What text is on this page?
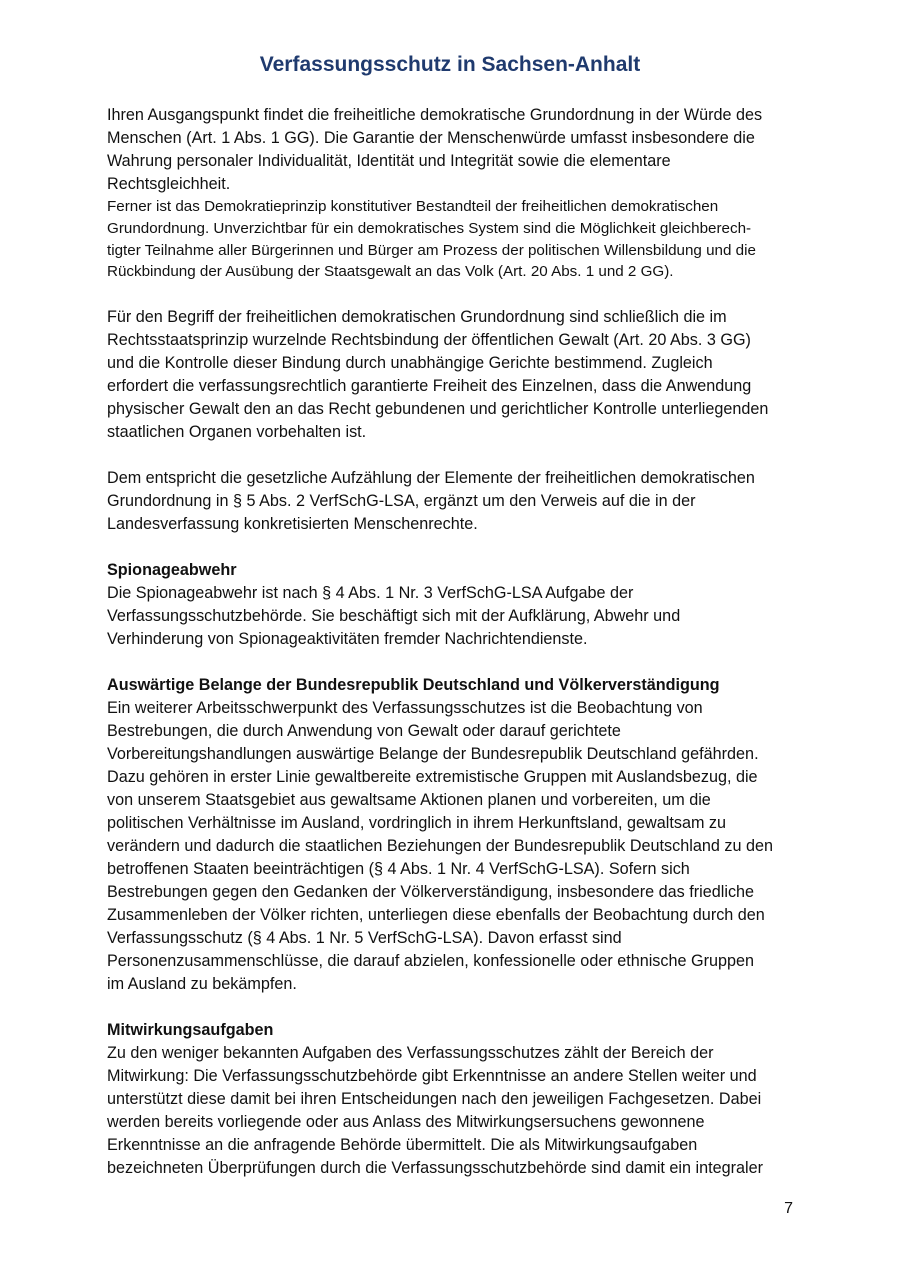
Verfassungsschutz in Sachsen-Anhalt

Ihren Ausgangspunkt findet die freiheitliche demokratische Grundordnung in der Würde des
Menschen (Art. 1 Abs. 1 GG). Die Garantie der Menschenwürde umfasst insbesondere die
Wahrung personaler Individualität, Identität und Integrität sowie die elementare
Rechtsgleichheit.

Ferner ist das Demokratieprinzip konstitutiver Bestandteil der freiheitlichen demokratischen
Grundordnung. Unverzichtbar für ein demokratisches System sind die Möglichkeit gleichberech-
tigter Teilnahme aller Bürgerinnen und Bürger am Prozess der politischen Willensbildung und die
Rückbindung der Ausübung der Staatsgewalt an das Volk (Art. 20 Abs. 1 und 2 GG).

Für den Begriff der freiheitlichen demokratischen Grundordnung sind schließlich die im
Rechtsstaatsprinzip wurzelnde Rechtsbindung der öffentlichen Gewalt (Art. 20 Abs. 3 GG)
und die Kontrolle dieser Bindung durch unabhängige Gerichte bestimmend. Zugleich
erfordert die verfassungsrechtlich garantierte Freiheit des Einzelnen, dass die Anwendung
physischer Gewalt den an das Recht gebundenen und gerichtlicher Kontrolle unterliegenden
staatlichen Organen vorbehalten ist.

Dem entspricht die gesetzliche Aufzählung der Elemente der freiheitlichen demokratischen
Grundordnung in § 5 Abs. 2 VerfSchG-LSA, ergänzt um den Verweis auf die in der
Landesverfassung konkretisierten Menschenrechte.

Spionageabwehr

Die Spionageabwehr ist nach § 4 Abs. 1 Nr. 3 VerfSchG-LSA Aufgabe der
Verfassungsschutzbehörde. Sie beschäftigt sich mit der Aufklärung, Abwehr und
Verhinderung von Spionageaktivitäten fremder Nachrichtendienste.

Auswärtige Belange der Bundesrepublik Deutschland und Völkerverständigung

Ein weiterer Arbeitsschwerpunkt des Verfassungsschutzes ist die Beobachtung von
Bestrebungen, die durch Anwendung von Gewalt oder darauf gerichtete
Vorbereitungshandlungen auswärtige Belange der Bundesrepublik Deutschland gefährden.
Dazu gehören in erster Linie gewaltbereite extremistische Gruppen mit Auslandsbezug, die
von unserem Staatsgebiet aus gewaltsame Aktionen planen und vorbereiten, um die
politischen Verhältnisse im Ausland, vordringlich in ihrem Herkunftsland, gewaltsam zu
verändern und dadurch die staatlichen Beziehungen der Bundesrepublik Deutschland zu den
betroffenen Staaten beeinträchtigen (§ 4 Abs. 1 Nr. 4 VerfSchG-LSA). Sofern sich
Bestrebungen gegen den Gedanken der Völkerverständigung, insbesondere das friedliche
Zusammenleben der Völker richten, unterliegen diese ebenfalls der Beobachtung durch den
Verfassungsschutz (§ 4 Abs. 1 Nr. 5 VerfSchG-LSA). Davon erfasst sind
Personenzusammenschlüsse, die darauf abzielen, konfessionelle oder ethnische Gruppen
im Ausland zu bekämpfen.

Mitwirkungsaufgaben

Zu den weniger bekannten Aufgaben des Verfassungsschutzes zählt der Bereich der
Mitwirkung: Die Verfassungsschutzbehörde gibt Erkenntnisse an andere Stellen weiter und
unterstützt diese damit bei ihren Entscheidungen nach den jeweiligen Fachgesetzen. Dabei
werden bereits vorliegende oder aus Anlass des Mitwirkungsersuchens gewonnene
Erkenntnisse an die anfragende Behörde übermittelt. Die als Mitwirkungsaufgaben
bezeichneten Überprüfungen durch die Verfassungsschutzbehörde sind damit ein integraler

7
